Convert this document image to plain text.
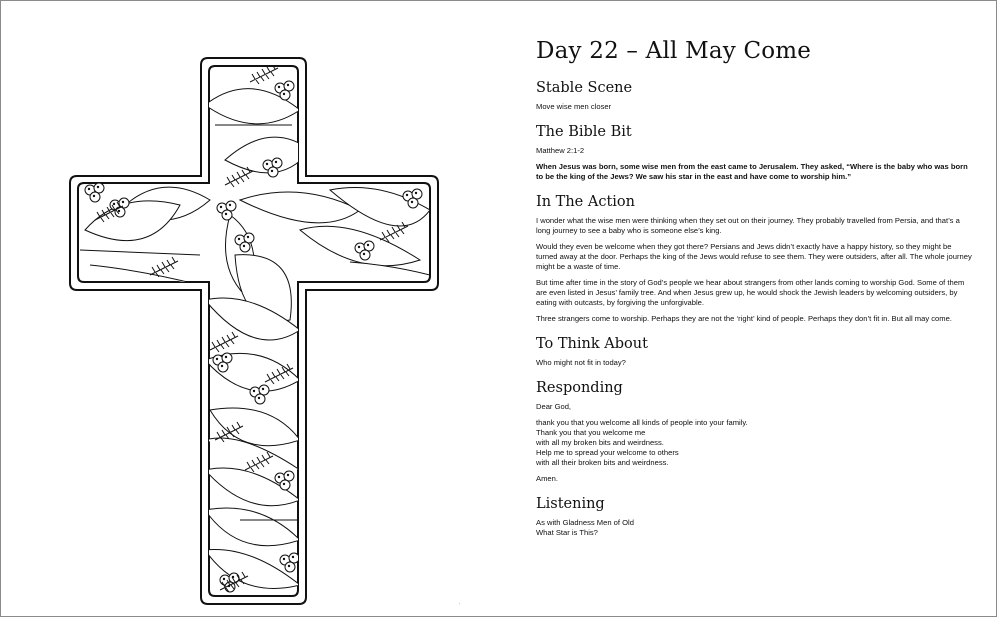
Day 22 – All May Come
Stable Scene

Move wise men closer

The Bible Bit

Matthew 2:1-2

When Jesus was born, some wise men from the east came to Jerusalem. They asked, “Where is the baby who was born to be the king of the Jews? We saw his star in the east and have come to worship him.”

In The Action

I wonder what the wise men were thinking when they set out on their journey. They probably travelled from Persia, and that’s a long journey to see a baby who is someone else’s king.

Would they even be welcome when they got there? Persians and Jews didn’t exactly have a happy history, so they might be turned away at the door. Perhaps the king of the Jews would refuse to see them. They were outsiders, after all. The whole journey might be a waste of time.

But time after time in the story of God’s people we hear about strangers from other lands coming to worship God. Some of them are even listed in Jesus’ family tree. And when Jesus grew up, he would shock the Jewish leaders by welcoming outsiders, by eating with outcasts, by forgiving the unforgivable.

Three strangers come to worship. Perhaps they are not the ‘right’ kind of people. Perhaps they don’t fit in. But all may come.

To Think About

Who might not fit in today?

Responding

Dear God,

thank you that you welcome all kinds of people into your family.

Thank you that you welcome me

with all my broken bits and weirdness.

Help me to spread your welcome to others

with all their broken bits and weirdness.

Amen.

Listening

As with Gladness Men of Old

What Star is This?

.
